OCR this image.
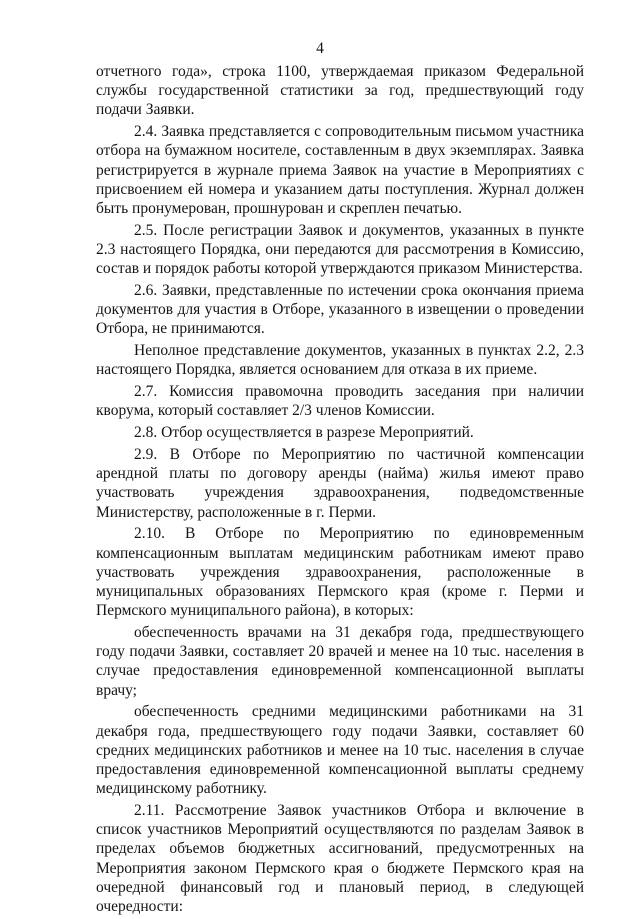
4

отчетного года», строка 1100, утверждаемая приказом Федеральной службы государственной статистики за год, предшествующий году подачи Заявки.

2.4. Заявка представляется с сопроводительным письмом участника отбора на бумажном носителе, составленным в двух экземплярах. Заявка регистрируется в журнале приема Заявок на участие в Мероприятиях с присвоением ей номера и указанием даты поступления. Журнал должен быть пронумерован, прошнурован и скреплен печатью.

2.5. После регистрации Заявок и документов, указанных в пункте 2.3 настоящего Порядка, они передаются для рассмотрения в Комиссию, состав и порядок работы которой утверждаются приказом Министерства.

2.6. Заявки, представленные по истечении срока окончания приема документов для участия в Отборе, указанного в извещении о проведении Отбора, не принимаются.

Неполное представление документов, указанных в пунктах 2.2, 2.3 настоящего Порядка, является основанием для отказа в их приеме.

2.7. Комиссия правомочна проводить заседания при наличии кворума, который составляет 2/3 членов Комиссии.

2.8. Отбор осуществляется в разрезе Мероприятий.

2.9. В Отборе по Мероприятию по частичной компенсации арендной платы по договору аренды (найма) жилья имеют право участвовать учреждения здравоохранения, подведомственные Министерству, расположенные в г. Перми.

2.10. В Отборе по Мероприятию по единовременным компенсационным выплатам медицинским работникам имеют право участвовать учреждения здравоохранения, расположенные в муниципальных образованиях Пермского края (кроме г. Перми и Пермского муниципального района), в которых:

обеспеченность врачами на 31 декабря года, предшествующего году подачи Заявки, составляет 20 врачей и менее на 10 тыс. населения в случае предоставления единовременной компенсационной выплаты врачу;

обеспеченность средними медицинскими работниками на 31 декабря года, предшествующего году подачи Заявки, составляет 60 средних медицинских работников и менее на 10 тыс. населения в случае предоставления единовременной компенсационной выплаты среднему медицинскому работнику.

2.11. Рассмотрение Заявок участников Отбора и включение в список участников Мероприятий осуществляются по разделам Заявок в пределах объемов бюджетных ассигнований, предусмотренных на Мероприятия законом Пермского края о бюджете Пермского края на очередной финансовый год и плановый период, в следующей очередности:
